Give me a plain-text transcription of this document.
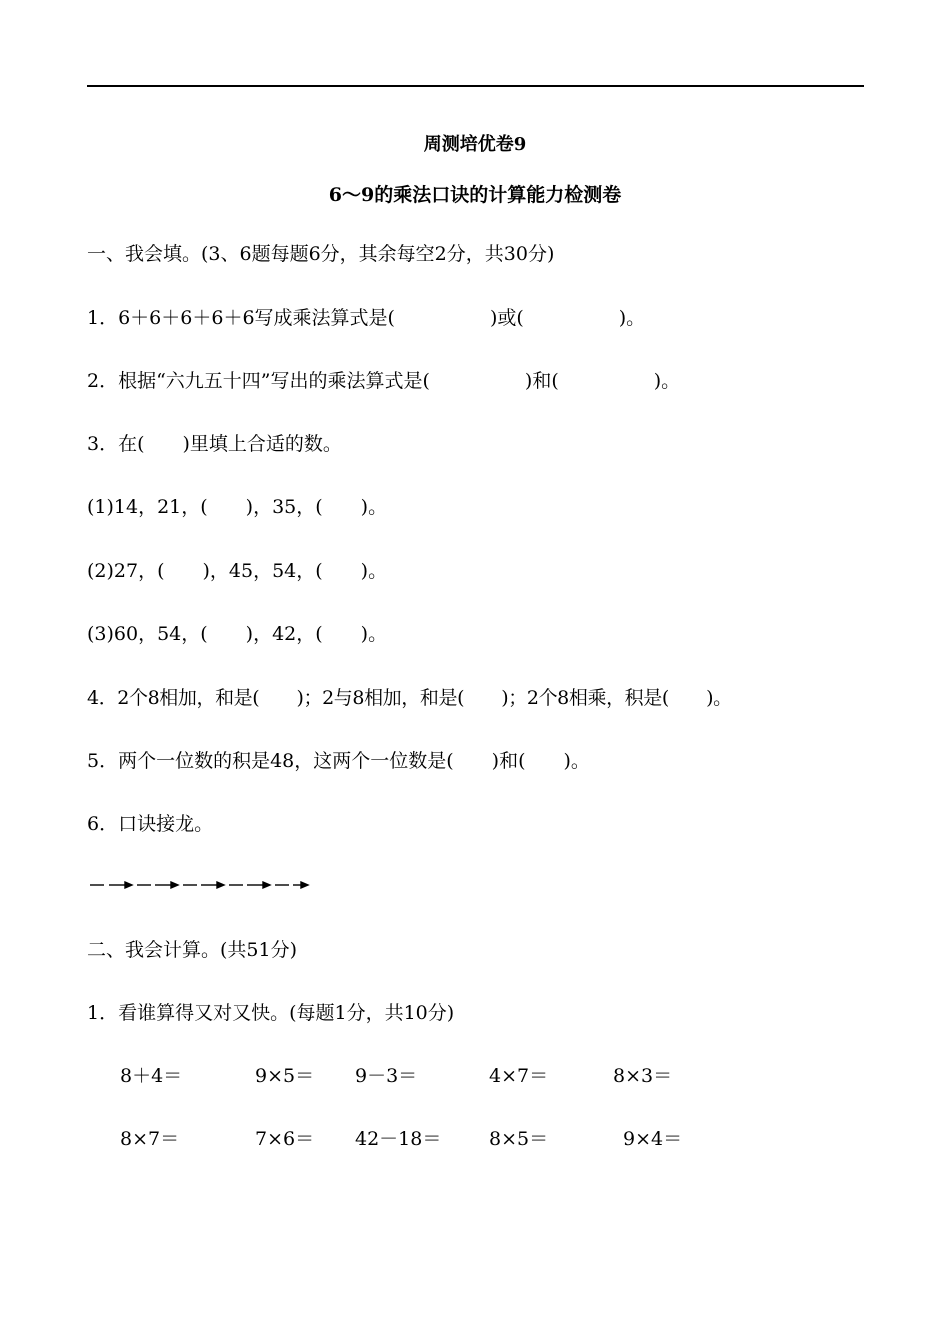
周测培优卷9
6～9的乘法口诀的计算能力检测卷
一、我会填。(3、6题每题6分，其余每空2分，共30分)
1．6＋6＋6＋6＋6写成乘法算式是(　　　　　)或(　　　　　)。
2．根据“六九五十四”写出的乘法算式是(　　　　　)和(　　　　　)。
3．在(　　)里填上合适的数。
(1)14，21，(　　)，35，(　　)。
(2)27，(　　)，45，54，(　　)。
(3)60，54，(　　)，42，(　　)。
4．2个8相加，和是(　　)；2与8相加，和是(　　)；2个8相乘，积是(　　)。
5．两个一位数的积是48，这两个一位数是(　　)和(　　)。
6．口诀接龙。
二、我会计算。(共51分)
1．看谁算得又对又快。(每题1分，共10分)
8＋4＝	9×5＝ 9－3＝	4×7＝	8×3＝
8×7＝	7×6＝ 42－18＝	8×5＝	9×4＝
